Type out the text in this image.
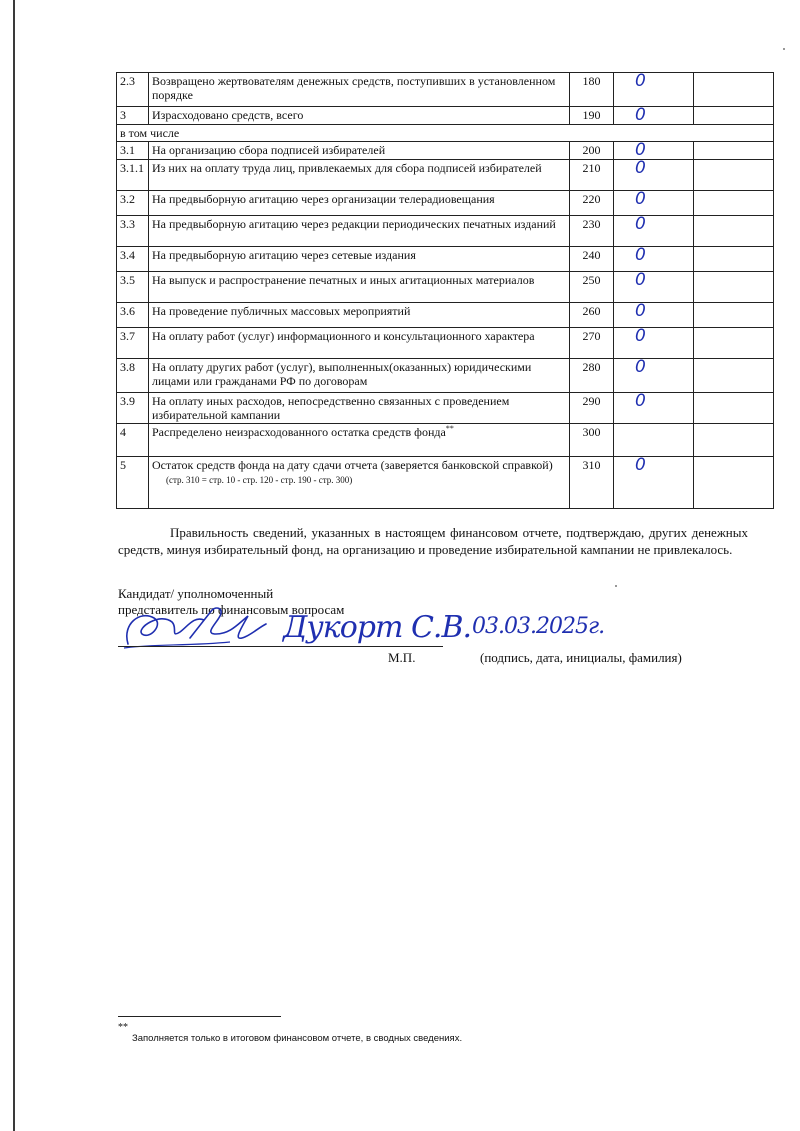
2.3	Возвращено жертвователям денежных средств, поступивших в установленном порядке	180	0	

3	Израсходовано средств, всего	190	0	

в том числе				
3.1	На организацию сбора подписей избирателей	200	0	

3.1.1	Из них на оплату труда лиц, привлекаемых для сбора подписей избирателей	210	0	

3.2	На предвыборную агитацию через организации телерадиовещания	220	0	

3.3	На предвыборную агитацию через редакции периодических печатных изданий	230	0	

3.4	На предвыборную агитацию через сетевые издания	240	0	

3.5	На выпуск и распространение печатных и иных агитационных материалов	250	0	

3.6	На проведение публичных массовых мероприятий	260	0	

3.7	На оплату работ (услуг) информационного и консультационного характера	270	0	

3.8	На оплату других работ (услуг), выполненных(оказанных) юридическими лицами или гражданами РФ по договорам	280	0	

3.9	На оплату иных расходов, непосредственно связанных с проведением избирательной кампании	290	0	

4	Распределено неизрасходованного остатка средств фонда**	300	

5	Остаток средств фонда на дату сдачи отчета (заверяется банковской справкой)(стр. 310 = стр. 10 - стр. 120 - стр. 190 - стр. 300)	310	0	

Правильность сведений, указанных в настоящем финансовом отчете, подтверждаю, других денежных средств, минуя избирательный фонд, на организацию и проведение избирательной кампании не привлекалось.

Кандидат/ уполномоченный
представитель по финансовым вопросам
Дукорт С.В. 03.03.2025г.
М.П.	(подпись, дата, инициалы, фамилия)
**
Заполняется только в итоговом финансовом отчете, в сводных сведениях.
